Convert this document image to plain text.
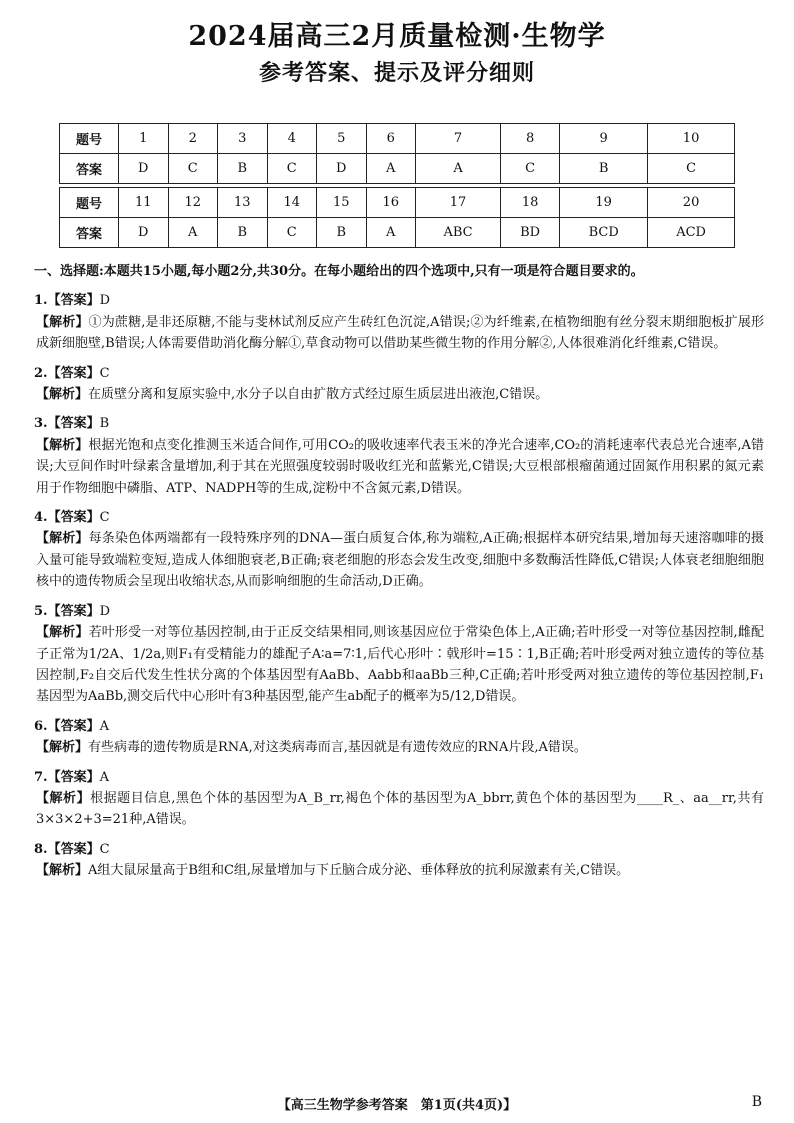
2024届高三2月质量检测·生物学
参考答案、提示及评分细则
题号	1	2	3	4	5	6	7	8	9	10
答案	D	C	B	C	D	A	A	C	B	C

题号	11	12	13	14	15	16	17	18	19	20
答案	D	A	B	C	B	A	ABC	BD	BCD	ACD

一、选择题:本题共15小题,每小题2分,共30分。在每小题给出的四个选项中,只有一项是符合题目要求的。

1.【答案】D

【解析】①为蔗糖,是非还原糖,不能与斐林试剂反应产生砖红色沉淀,A错误;②为纤维素,在植物细胞有丝分裂末期细胞板扩展形成新细胞壁,B错误;人体需要借助消化酶分解①,草食动物可以借助某些微生物的作用分解②,人体很难消化纤维素,C错误。

2.【答案】C

【解析】在质壁分离和复原实验中,水分子以自由扩散方式经过原生质层进出液泡,C错误。

3.【答案】B

【解析】根据光饱和点变化推测玉米适合间作,可用CO₂的吸收速率代表玉米的净光合速率,CO₂的消耗速率代表总光合速率,A错误;大豆间作时叶绿素含量增加,利于其在光照强度较弱时吸收红光和蓝紫光,C错误;大豆根部根瘤菌通过固氮作用积累的氮元素用于作物细胞中磷脂、ATP、NADPH等的生成,淀粉中不含氮元素,D错误。

4.【答案】C

【解析】每条染色体两端都有一段特殊序列的DNA—蛋白质复合体,称为端粒,A正确;根据样本研究结果,增加每天速溶咖啡的摄入量可能导致端粒变短,造成人体细胞衰老,B正确;衰老细胞的形态会发生改变,细胞中多数酶活性降低,C错误;人体衰老细胞细胞核中的遗传物质会呈现出收缩状态,从而影响细胞的生命活动,D正确。

5.【答案】D

【解析】若叶形受一对等位基因控制,由于正反交结果相同,则该基因应位于常染色体上,A正确;若叶形受一对等位基因控制,雌配子正常为1/2A、1/2a,则F₁有受精能力的雄配子A∶a=7∶1,后代心形叶∶戟形叶=15∶1,B正确;若叶形受两对独立遗传的等位基因控制,F₂自交后代发生性状分离的个体基因型有AaBb、Aabb和aaBb三种,C正确;若叶形受两对独立遗传的等位基因控制,F₁基因型为AaBb,测交后代中心形叶有3种基因型,能产生ab配子的概率为5/12,D错误。

6.【答案】A

【解析】有些病毒的遗传物质是RNA,对这类病毒而言,基因就是有遗传效应的RNA片段,A错误。

7.【答案】A

【解析】根据题目信息,黑色个体的基因型为A_B_rr,褐色个体的基因型为A_bbrr,黄色个体的基因型为____R_、aa__rr,共有3×3×2+3=21种,A错误。

8.【答案】C

【解析】A组大鼠尿量高于B组和C组,尿量增加与下丘脑合成分泌、垂体释放的抗利尿激素有关,C错误。

【高三生物学参考答案　第1页(共4页)】	B
